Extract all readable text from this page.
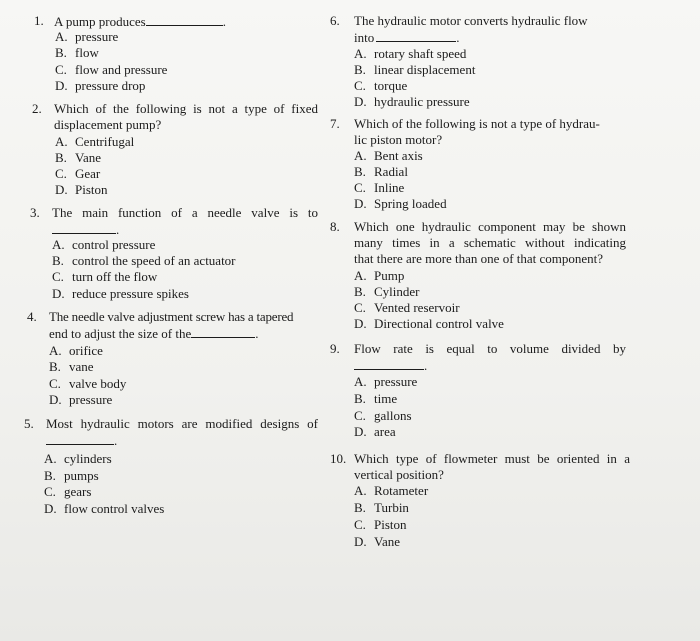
1. A pump produces	.
A. pressure
B. flow
C. flow and pressure
D. pressure drop
2. Which of the following is not a type of fixed
displacement pump?
A. Centrifugal
B. Vane
C. Gear
D. Piston
3. The main function of a needle valve is to
.
A. control pressure
B. control the speed of an actuator
C. turn off the flow
D. reduce pressure spikes
4. The needle valve adjustment screw has a tapered
end to adjust the size of the	.
A. orifice
B. vane
C. valve body
D. pressure
5. Most hydraulic motors are modified designs of
.
A. cylinders
B. pumps
C. gears
D. flow control valves
6. The hydraulic motor converts hydraulic flow
into	.
A. rotary shaft speed
B. linear displacement
C. torque
D. hydraulic pressure
7. Which of the following is not a type of hydrau-
lic piston motor?
A. Bent axis
B. Radial
C. Inline
D. Spring loaded
8. Which one hydraulic component may be shown
many times in a schematic without indicating
that there are more than one of that component?
A. Pump
B. Cylinder
C. Vented reservoir
D. Directional control valve
9. Flow rate is equal to volume divided by
.
A. pressure
B. time
C. gallons
D. area
10. Which type of flowmeter must be oriented in a
vertical position?
A. Rotameter
B. Turbin
C. Piston
D. Vane
